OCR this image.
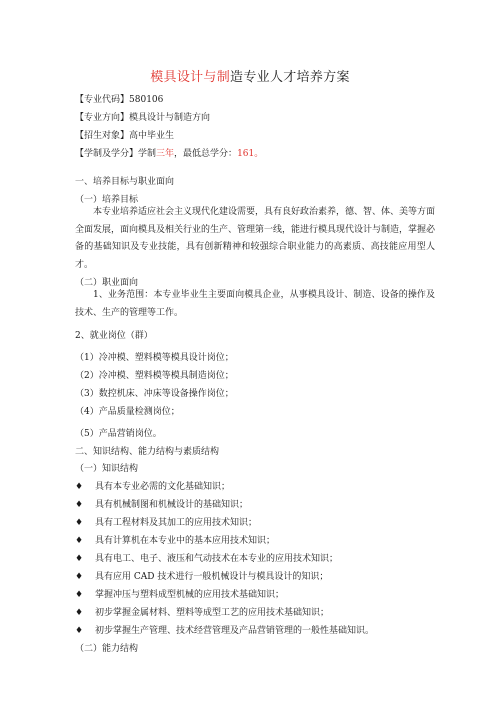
模具设计与制造专业人才培养方案
【专业代码】580106
【专业方向】模具设计与制造方向
【招生对象】高中毕业生
【学制及学分】学制三年，最低总学分：161。
一、培养目标与职业面向
（一）培养目标
本专业培养适应社会主义现代化建设需要，具有良好政治素养，德、智、体、美等方面全面发展，面向模具及相关行业的生产、管理第一线，能进行模具现代设计与制造，掌握必备的基础知识及专业技能，具有创新精神和较强综合职业能力的高素质、高技能应用型人才。
（二）职业面向
1、业务范围：本专业毕业生主要面向模具企业，从事模具设计、制造、设备的操作及技术、生产的管理等工作。
2、就业岗位（群）
（1）冷冲模、塑料模等模具设计岗位；
（2）冷冲模、塑料模等模具制造岗位；
（3）数控机床、冲床等设备操作岗位；
（4）产品质量检测岗位；
（5）产品营销岗位。
二、知识结构、能力结构与素质结构
（一）知识结构
♦ 具有本专业必需的文化基础知识；
♦ 具有机械制图和机械设计的基础知识；
♦ 具有工程材料及其加工的应用技术知识；
♦ 具有计算机在本专业中的基本应用技术知识；
♦ 具有电工、电子、液压和气动技术在本专业的应用技术知识；
♦ 具有应用 CAD 技术进行一般机械设计与模具设计的知识；
♦ 掌握冲压与塑料成型机械的应用技术基础知识；
♦ 初步掌握金属材料、塑料等成型工艺的应用技术基础知识；
♦ 初步掌握生产管理、技术经营管理及产品营销管理的一般性基础知识。
（二）能力结构
